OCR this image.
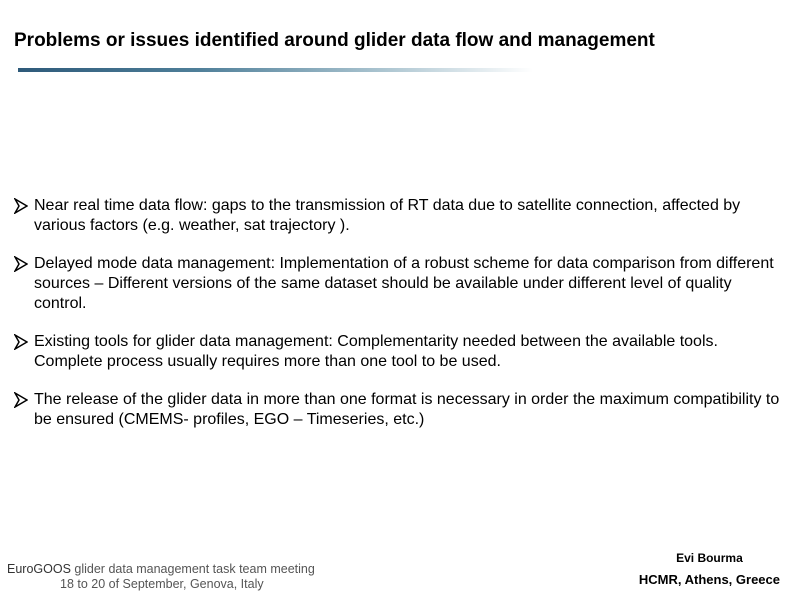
Problems or issues identified around glider data flow and management
Near real time data flow: gaps to the transmission of RT data due to satellite connection, affected by various factors (e.g. weather, sat trajectory ).
Delayed mode data management: Implementation of a robust scheme for data comparison from different sources – Different versions of the same dataset should be available under different level of quality control.
Existing tools for glider data management: Complementarity needed between the available tools. Complete process usually requires more than one tool to be used.
The release of the glider data in more than one format is necessary in order the maximum compatibility to be ensured (CMEMS- profiles, EGO – Timeseries, etc.)
EuroGOOS glider data management task team meeting
18 to 20 of September, Genova, Italy
Evi Bourma
HCMR, Athens, Greece
